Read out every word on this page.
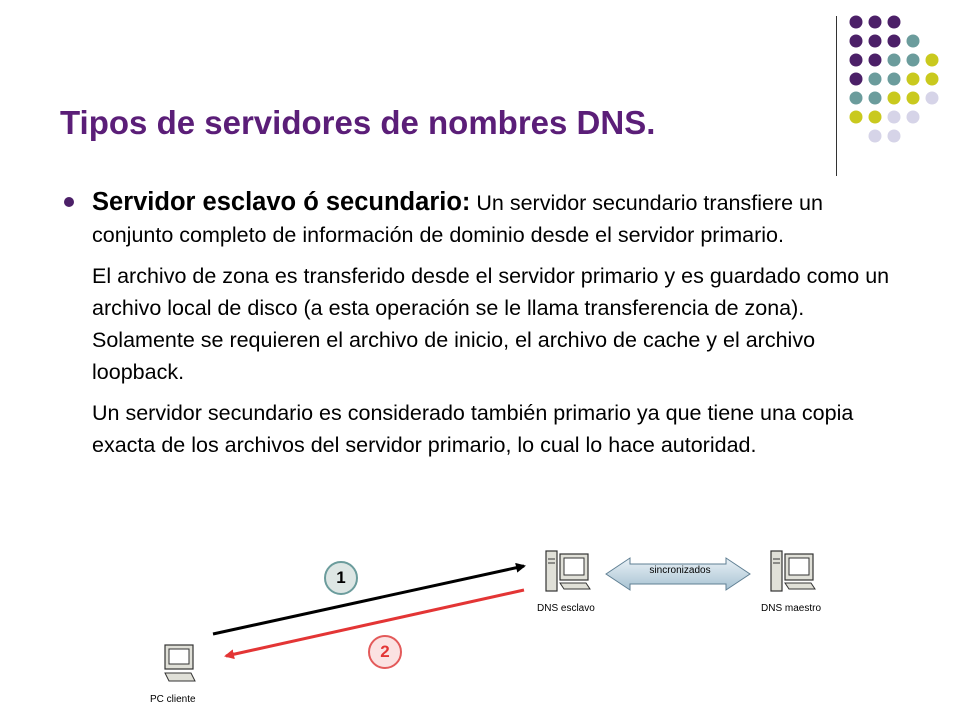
Tipos de servidores de nombres DNS.

Servidor esclavo ó secundario: Un servidor secundario transfiere un conjunto completo de información de dominio desde el servidor primario.

El archivo de zona es transferido desde el servidor primario y es guardado como un archivo local de disco (a esta operación se le llama transferencia de zona). Solamente se requieren el archivo de inicio, el archivo de cache y el archivo loopback.

Un servidor secundario es considerado también primario ya que tiene una copia exacta de los archivos del servidor primario, lo cual lo hace autoridad.

sincronizados
DNS esclavo	DNS maestro
PC cliente
1
2
